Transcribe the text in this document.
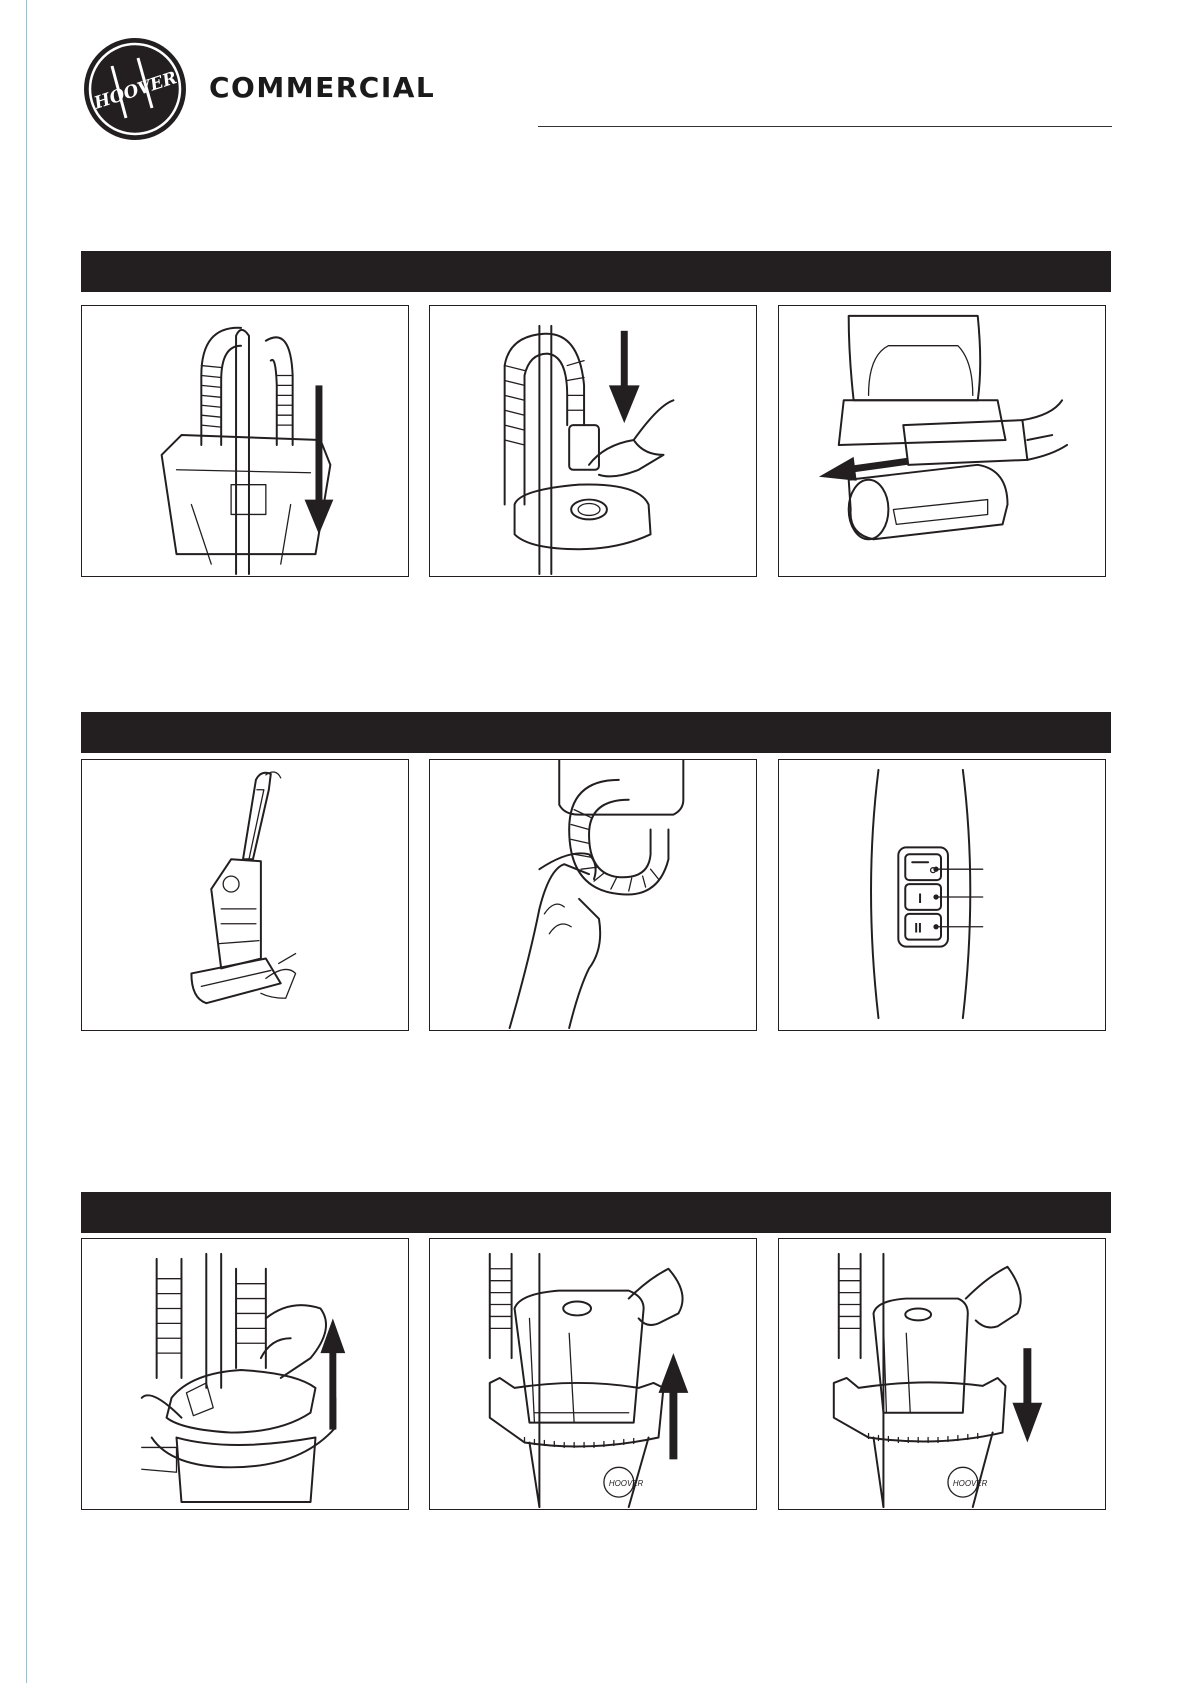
HOOVER COMMERCIAL
I
II
HOOVER	HOOVER
